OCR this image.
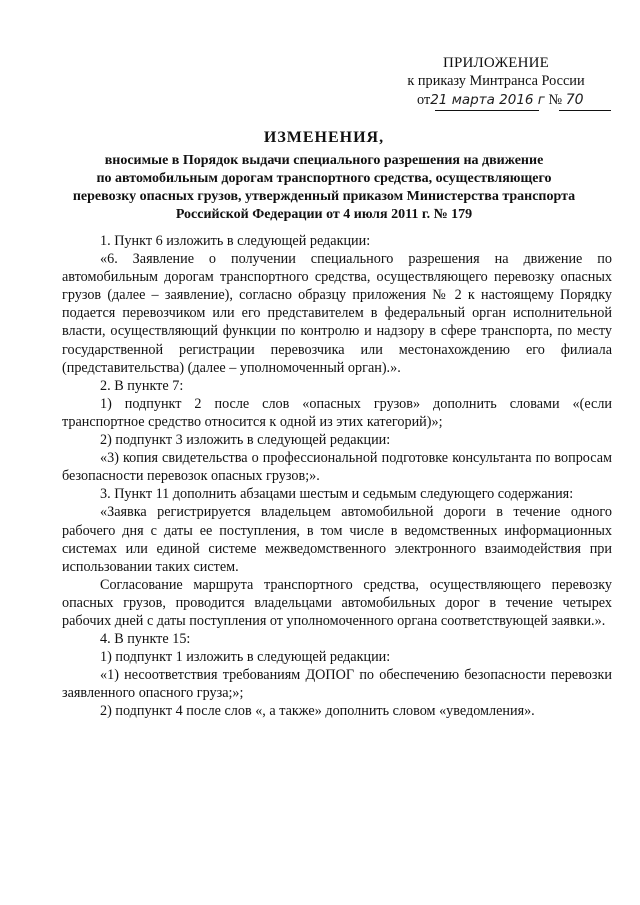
ПРИЛОЖЕНИЕ
к приказу Минтранса России
от21 марта 2016 г № 70
ИЗМЕНЕНИЯ,
вносимые в Порядок выдачи специального разрешения на движение
по автомобильным дорогам транспортного средства, осуществляющего
перевозку опасных грузов, утвержденный приказом Министерства транспорта
Российской Федерации от 4 июля 2011 г. № 179

1. Пункт 6 изложить в следующей редакции:

«6. Заявление о получении специального разрешения на движение по автомобильным дорогам транспортного средства, осуществляющего перевозку опасных грузов (далее – заявление), согласно образцу приложения № 2 к настоящему Порядку подается перевозчиком или его представителем в федеральный орган исполнительной власти, осуществляющий функции по контролю и надзору в сфере транспорта, по месту государственной регистрации перевозчика или местонахождению его филиала (представительства) (далее – уполномоченный орган).».

2. В пункте 7:

1) подпункт 2 после слов «опасных грузов» дополнить словами «(если транспортное средство относится к одной из этих категорий)»;

2) подпункт 3 изложить в следующей редакции:

«3) копия свидетельства о профессиональной подготовке консультанта по вопросам безопасности перевозок опасных грузов;».

3. Пункт 11 дополнить абзацами шестым и седьмым следующего содержания:

«Заявка регистрируется владельцем автомобильной дороги в течение одного рабочего дня с даты ее поступления, в том числе в ведомственных информационных системах или единой системе межведомственного электронного взаимодействия при использовании таких систем.

Согласование маршрута транспортного средства, осуществляющего перевозку опасных грузов, проводится владельцами автомобильных дорог в течение четырех рабочих дней с даты поступления от уполномоченного органа соответствующей заявки.».

4. В пункте 15:

1) подпункт 1 изложить в следующей редакции:

«1) несоответствия требованиям ДОПОГ по обеспечению безопасности перевозки заявленного опасного груза;»;

2) подпункт 4 после слов «, а также» дополнить словом «уведомления».
